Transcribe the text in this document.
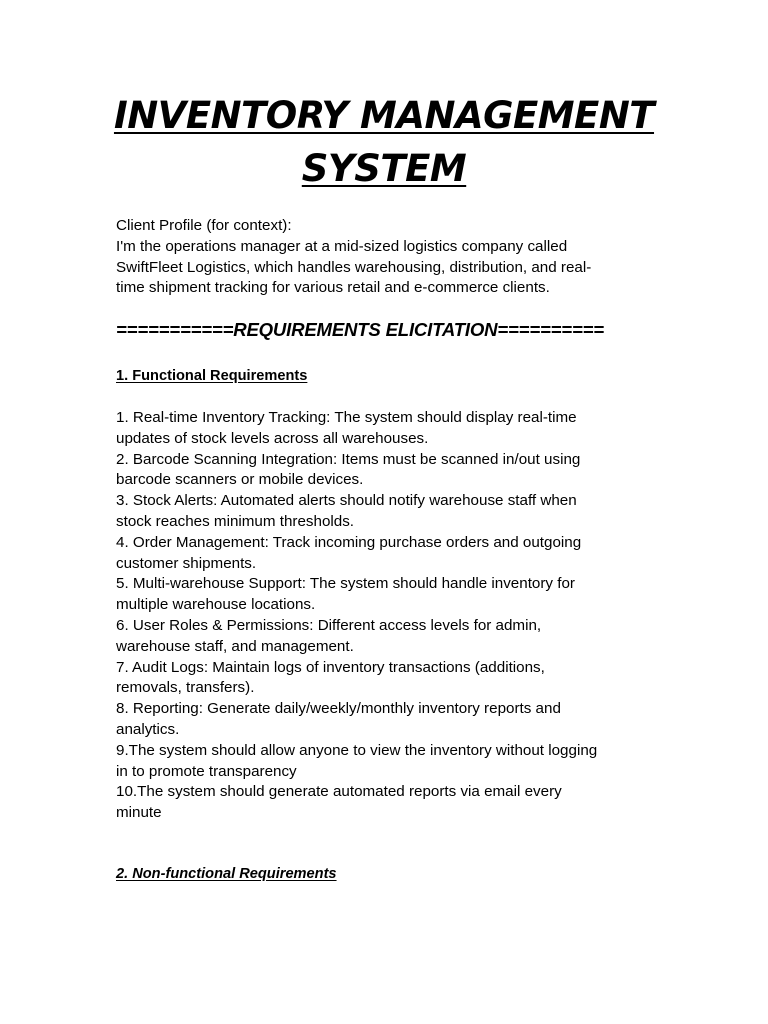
INVENTORY MANAGEMENT
SYSTEM
Client Profile (for context):
I'm the operations manager at a mid-sized logistics company called
SwiftFleet Logistics, which handles warehousing, distribution, and real-
time shipment tracking for various retail and e-commerce clients.
===========REQUIREMENTS ELICITATION==========
1. Functional Requirements
1. Real-time Inventory Tracking: The system should display real-time
updates of stock levels across all warehouses.
2. Barcode Scanning Integration: Items must be scanned in/out using
barcode scanners or mobile devices.
3. Stock Alerts: Automated alerts should notify warehouse staff when
stock reaches minimum thresholds.
4. Order Management: Track incoming purchase orders and outgoing
customer shipments.
5. Multi-warehouse Support: The system should handle inventory for
multiple warehouse locations.
6. User Roles & Permissions: Different access levels for admin,
warehouse staff, and management.
7. Audit Logs: Maintain logs of inventory transactions (additions,
removals, transfers).
8. Reporting: Generate daily/weekly/monthly inventory reports and
analytics.
9.The system should allow anyone to view the inventory without logging
in to promote transparency
10.The system should generate automated reports via email every
minute
2. Non-functional Requirements
